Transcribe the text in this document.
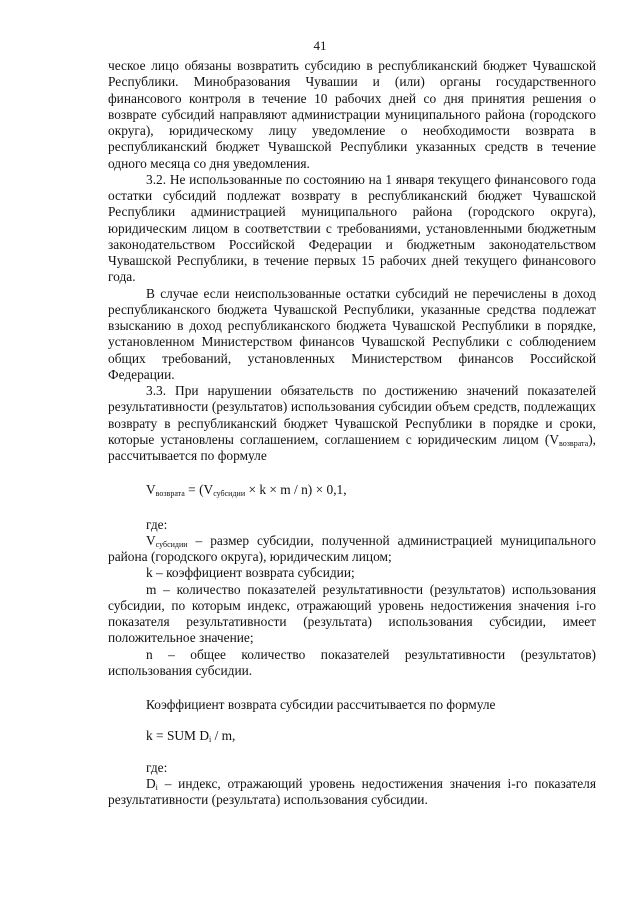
41

ческое лицо обязаны возвратить субсидию в республиканский бюджет Чувашской Республики. Минобразования Чувашии и (или) органы государственного финансового контроля в течение 10 рабочих дней со дня принятия решения о возврате субсидий направляют администрации муниципального района (городского округа), юридическому лицу уведомление о необходимости возврата в республиканский бюджет Чувашской Республики указанных средств в течение одного месяца со дня уведомления.

3.2. Не использованные по состоянию на 1 января текущего финансового года остатки субсидий подлежат возврату в республиканский бюджет Чувашской Республики администрацией муниципального района (городского округа), юридическим лицом в соответствии с требованиями, установленными бюджетным законодательством Российской Федерации и бюджетным законодательством Чувашской Республики, в течение первых 15 рабочих дней текущего финансового года.

В случае если неиспользованные остатки субсидий не перечислены в доход республиканского бюджета Чувашской Республики, указанные средства подлежат взысканию в доход республиканского бюджета Чувашской Республики в порядке, установленном Министерством финансов Чувашской Республики с соблюдением общих требований, установленных Министерством финансов Российской Федерации.

3.3. При нарушении обязательств по достижению значений показателей результативности (результатов) использования субсидии объем средств, подлежащих возврату в республиканский бюджет Чувашской Республики в порядке и сроки, которые установлены соглашением, соглашением с юридическим лицом $(V_{возврата})$, рассчитывается по формуле

$V_{возврата} = (V_{субсидии} \times k \times m / n) \times 0,1$,

где:

$V_{субсидии}$ – размер субсидии, полученной администрацией муниципального района (городского округа), юридическим лицом;

k – коэффициент возврата субсидии;

m – количество показателей результативности (результатов) использования субсидии, по которым индекс, отражающий уровень недостижения значения i-го показателя результативности (результата) использования субсидии, имеет положительное значение;

n – общее количество показателей результативности (результатов) использования субсидии.

Коэффициент возврата субсидии рассчитывается по формуле

k = SUM $D_i$ / m,

где:

$D_i$ – индекс, отражающий уровень недостижения значения i-го показателя результативности (результата) использования субсидии.
